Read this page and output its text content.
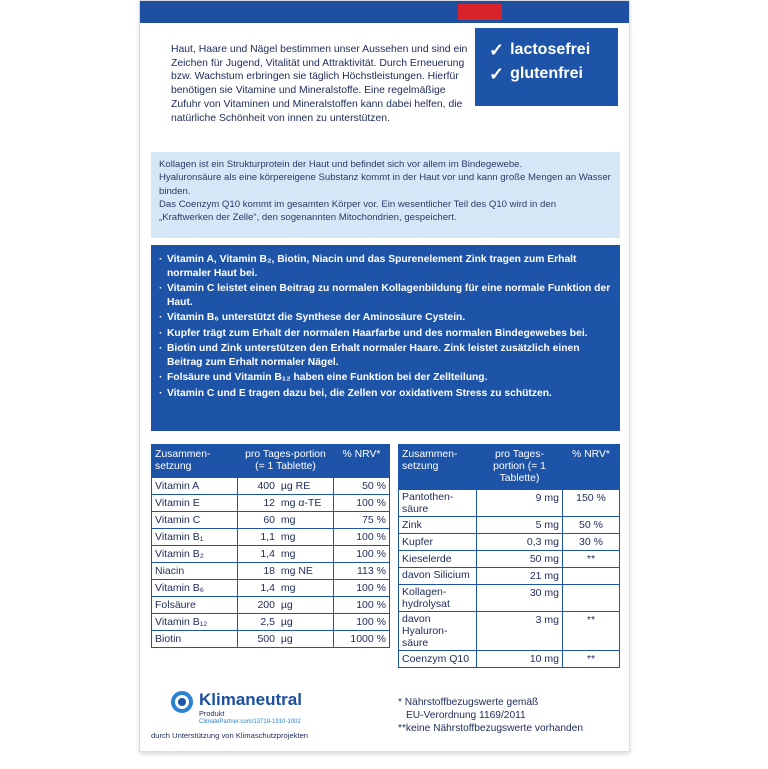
Haut, Haare und Nägel bestimmen unser Aussehen und sind ein Zeichen für Jugend, Vitalität und Attraktivität. Durch Erneuerung bzw. Wachstum erbringen sie täglich Höchstleistungen. Hierfür benötigen sie Vitamine und Mineralstoffe. Eine regelmäßige Zufuhr von Vitaminen und Mineralstoffen kann dabei helfen, die natürliche Schönheit von innen zu unterstützen.

✓ lactosefrei
✓ glutenfrei
Kollagen ist ein Strukturprotein der Haut und befindet sich vor allem im Bindegewebe.
Hyaluronsäure als eine körpereigene Substanz kommt in der Haut vor und kann große Mengen an Wasser binden.
Das Coenzym Q10 kommt im gesamten Körper vor. Ein wesentlicher Teil des Q10 wird in den „Kraftwerken der Zelle“, den sogenannten Mitochondrien, gespeichert.
· Vitamin A, Vitamin B₂, Biotin, Niacin und das Spurenelement Zink tragen zum Erhalt normaler Haut bei.
· Vitamin C leistet einen Beitrag zu normalen Kollagenbildung für eine normale Funktion der Haut.
· Vitamin B₆ unterstützt die Synthese der Aminosäure Cystein.
· Kupfer trägt zum Erhalt der normalen Haarfarbe und des normalen Bindegewebes bei.
· Biotin und Zink unterstützen den Erhalt normaler Haare. Zink leistet zusätzlich einen Beitrag zum Erhalt normaler Nägel.
· Folsäure und Vitamin B₁₂ haben eine Funktion bei der Zellteilung.
· Vitamin C und E tragen dazu bei, die Zellen vor oxidativem Stress zu schützen.
Zusammen-setzung	pro Tages-portion (= 1 Tablette)	% NRV*
Vitamin A	400 µg RE	50 %
Vitamin E	12 mg α-TE	100 %
Vitamin C	60 mg	75 %
Vitamin B₁	1,1 mg	100 %
Vitamin B₂	1,4 mg	100 %
Niacin	18 mg NE	113 %
Vitamin B₆	1,4 mg	100 %
Folsäure	200 µg	100 %
Vitamin B₁₂	2,5 µg	100 %
Biotin	500 µg	1000 %
Zusammen-setzung	pro Tages-portion (= 1 Tablette)	% NRV*
Pantothen-säure	9 mg	150 %
Zink	5 mg	50 %
Kupfer	0,3 mg	30 %
Kieselerde	50 mg	**
davon Silicium	21 mg	
Kollagen-hydrolysat	30 mg	
davon Hyaluron-säure	3 mg	**
Coenzym Q10	10 mg	**
* Nährstoffbezugswerte gemäß
EU-Verordnung 1169/2011
**keine Nährstoffbezugswerte vorhanden
Klimaneutral
Produkt
ClimatePartner.com/13719-1910-1002
durch Unterstützung von Klimaschutzprojekten
